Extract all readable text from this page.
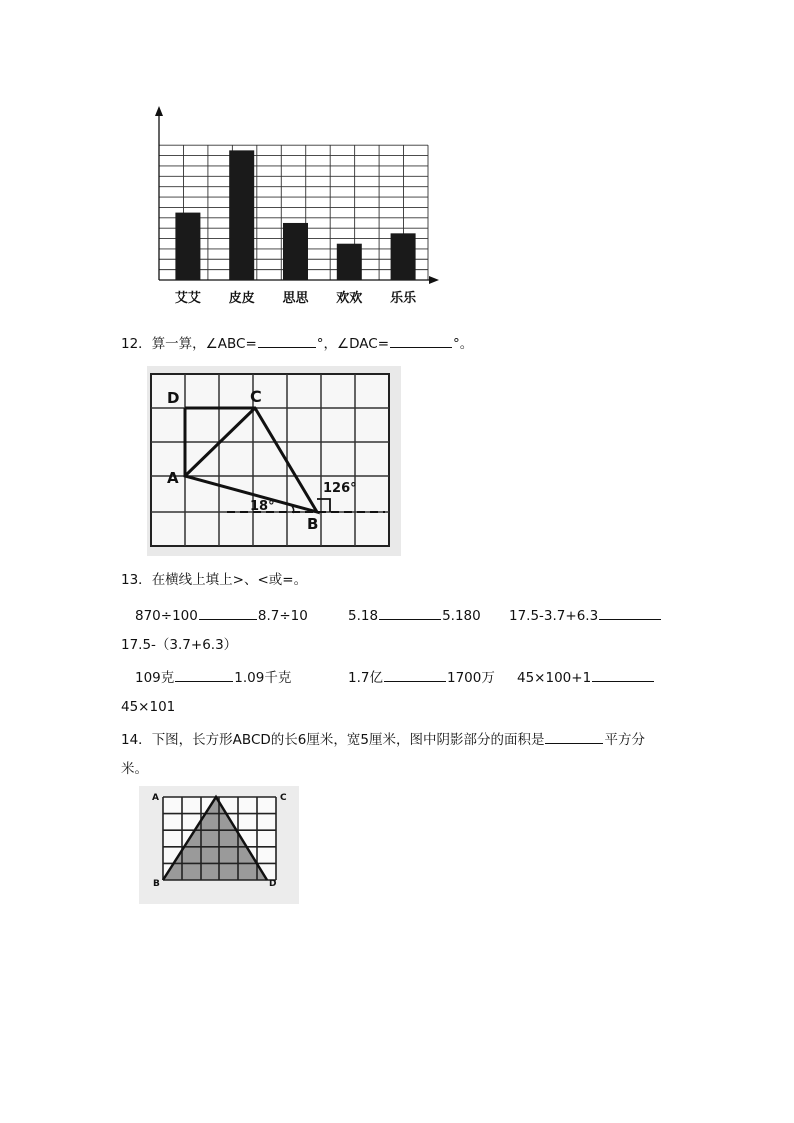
艾艾 皮皮 思思 欢欢 乐乐
12．算一算，∠ABC=	°，∠DAC=	°。
D	C
A
B
126°
18°
13．在横线上填上>、<或=。
870÷100	8.7÷10	5.18	5.180 17.5-3.7+6.3
17.5-（3.7+6.3）
109克	1.09千克	1.7亿	1700万 45×100+1
45×101
14．下图，长方形ABCD的长6厘米，宽5厘米，图中阴影部分的面积是	平方分
米。
A	C
B	D
